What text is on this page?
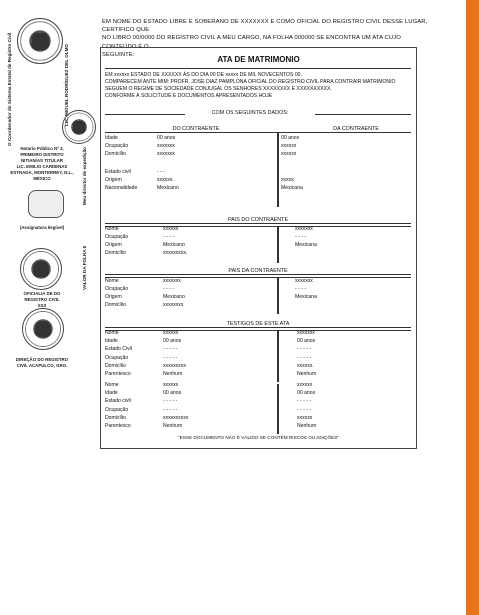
EM NOME DO ESTADO LIBRE E SOBERANO DE XXXXXXX E COMO OFICIAL DO REGISTRO CIVIL DESSE LUGAR, CERTIFICO QUE
NO LIBRO 00/0000 DO REGISTRO CIVIL A MEU CARGO, NA FOLHA 000000 SE ENCONTRA UM ATA CUJO CONTEÚDO É O
SEGUINTE:
O Coordenador do Sistema Estatal de Registro Civil	LIC. MIGUEL RODRÍGUEZ DEL OLMO
Meu director de expedição
VALOR DA FOLHA $
Notario Público Nº 3,
PRIMEIRO DISTRITO
NITIAN/AS TITULAR
LIC. EMILIO CARDENAS
ESTRADA, MONTERREY, N.L.,
MÉXICO
(Assignatura Ilegível)
OFICIALIA DE DO
REGISTRO CIVIL
XXX
DIREÇÃO DO REGISTRO
CIVIL ACAPULCO, GRO.
ATA DE MATRIMONIO
EM xxxxxx ESTADO DE XXXXXX ÀS DO DIA 00 DE xxxxx DE MIL NOVECENTOS 00.
COMPARECEM ANTE MIM: PROFR. JOSE DIAZ PAMPLONA OFICIAL DO REGISTRO CIVIL PARA CONTRAIR MATRIMONIO
SEGUEM O REGIME DE SOCIEDADE CONJUGAL OS SENHORES XXXXXXXX E XXXXXXXXXX.
CONFORME À SOLICITUDE E DOCUMENTOS APRESENTADOS HOJE
COM OS SEGUINTES DADOS:
DO CONTRAENTE	DA CONTRAENTE
Idade	00 anos	00 anos
Ocupação	xxxxxxx	xxxxxx
Domicílio	xxxxxxx	xxxxxx
Estado civil	- - -
Origem	xxxxxx.	xxxxx
Nacionalidade	Mexicano	Mexicana
PAIS DO CONTRAENTE
Nome	xxxxxx	xxxxxxx
Ocupação	- - - -	- - - -
Origem	Mexicano	Mexicana
Domicílio	xxxxxxxxx.
PAIS DA CONTRAENTE
Nome	xxxxxxx	xxxxxxx
Ocupação	- - - -	- - - -
Origem	Mexicano	Mexicana
Domicílio	xxxxxxxx
TESTIGOS DE ESTE ATA
Nome	xxxxxx	xxxxxxx
Idade	00 anos	00 anos
Estado Civil	- - - - -	- - - - -
Ocupação	- - - - -	- - - - -
Domicílio	xxxxxxxxx	xxxxxx.
Parentesco	Nenhum	Nenhum
Nome	xxxxxx	xxxxxx
Idade	00 anos	00 anos
Estado civil	- - - - -	- - - - -
Ocupação	- - - - -	- - - - -
Domicílio	xxxxxxxxxx	xxxxxx
Parentesco	Nenhum	Nenhum
"ESSE DOCUMENTO NÃO É VÁLIDO SE CONTÉM RISCOS OU ADIÇÕES"
